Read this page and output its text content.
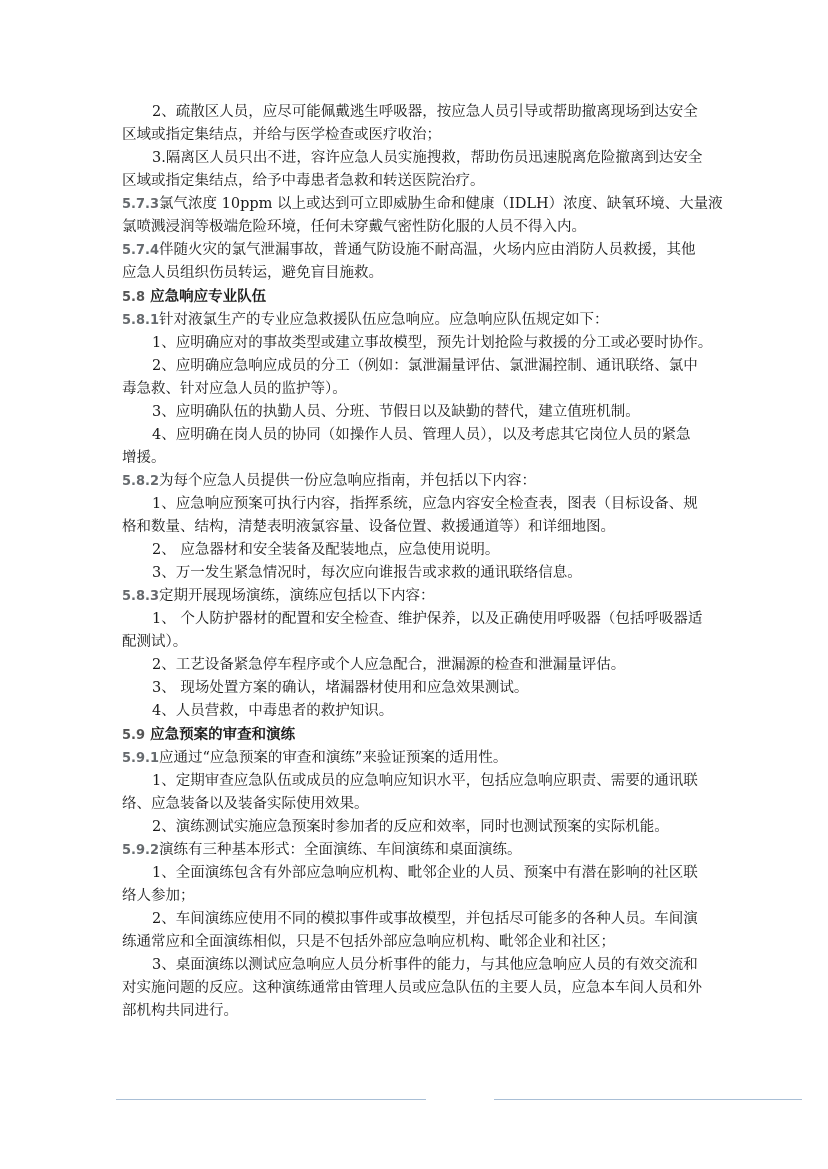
2、疏散区人员，应尽可能佩戴逃生呼吸器，按应急人员引导或帮助撤离现场到达安全
区域或指定集结点，并给与医学检查或医疗收治；
3.隔离区人员只出不进，容许应急人员实施搜救，帮助伤员迅速脱离危险撤离到达安全
区域或指定集结点，给予中毒患者急救和转送医院治疗。
5.7.3氯气浓度 10ppm 以上或达到可立即威胁生命和健康（IDLH）浓度、缺氧环境、大量液
氯喷溅浸润等极端危险环境，任何未穿戴气密性防化服的人员不得入内。
5.7.4伴随火灾的氯气泄漏事故，普通气防设施不耐高温，火场内应由消防人员救援，其他
应急人员组织伤员转运，避免盲目施救。
5.8 应急响应专业队伍
5.8.1针对液氯生产的专业应急救援队伍应急响应。应急响应队伍规定如下：
1、应明确应对的事故类型或建立事故模型，预先计划抢险与救援的分工或必要时协作。
2、应明确应急响应成员的分工（例如：氯泄漏量评估、氯泄漏控制、通讯联络、氯中
毒急救、针对应急人员的监护等）。
3、应明确队伍的执勤人员、分班、节假日以及缺勤的替代，建立值班机制。
4、应明确在岗人员的协同（如操作人员、管理人员），以及考虑其它岗位人员的紧急
增援。
5.8.2为每个应急人员提供一份应急响应指南，并包括以下内容：
1、应急响应预案可执行内容，指挥系统，应急内容安全检查表，图表（目标设备、规
格和数量、结构，清楚表明液氯容量、设备位置、救援通道等）和详细地图。
2、 应急器材和安全装备及配装地点，应急使用说明。
3、万一发生紧急情况时，每次应向谁报告或求救的通讯联络信息。
5.8.3定期开展现场演练，演练应包括以下内容：
1、 个人防护器材的配置和安全检查、维护保养，以及正确使用呼吸器（包括呼吸器适
配测试）。
2、工艺设备紧急停车程序或个人应急配合，泄漏源的检查和泄漏量评估。
3、 现场处置方案的确认，堵漏器材使用和应急效果测试。
4、人员营救，中毒患者的救护知识。
5.9 应急预案的审查和演练
5.9.1应通过“应急预案的审查和演练”来验证预案的适用性。
1、定期审查应急队伍或成员的应急响应知识水平，包括应急响应职责、需要的通讯联
络、应急装备以及装备实际使用效果。
2、演练测试实施应急预案时参加者的反应和效率，同时也测试预案的实际机能。
5.9.2演练有三种基本形式：全面演练、车间演练和桌面演练。
1、全面演练包含有外部应急响应机构、毗邻企业的人员、预案中有潜在影响的社区联
络人参加；
2、车间演练应使用不同的模拟事件或事故模型，并包括尽可能多的各种人员。车间演
练通常应和全面演练相似，只是不包括外部应急响应机构、毗邻企业和社区；
3、桌面演练以测试应急响应人员分析事件的能力，与其他应急响应人员的有效交流和
对实施问题的反应。这种演练通常由管理人员或应急队伍的主要人员，应急本车间人员和外
部机构共同进行。
